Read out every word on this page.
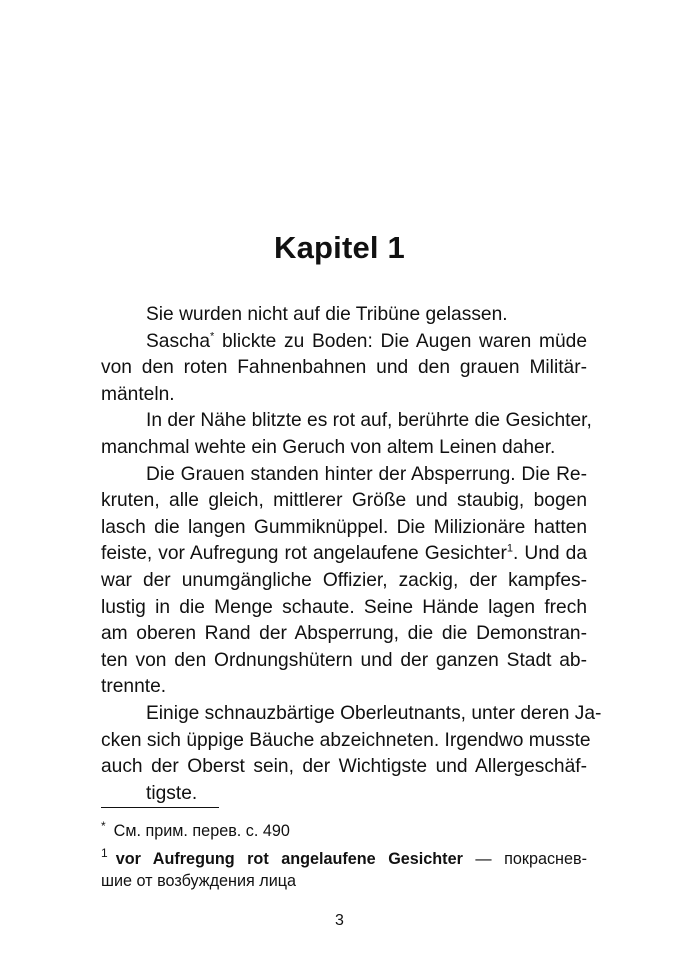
Kapitel 1
Sie wurden nicht auf die Tribüne gelassen.
Sascha* blickte zu Boden: Die Augen waren müde
von den roten Fahnenbahnen und den grauen Militär-
mänteln.
In der Nähe blitzte es rot auf, berührte die Gesichter,
manchmal wehte ein Geruch von altem Leinen daher.
Die Grauen standen hinter der Absperrung. Die Re-
kruten, alle gleich, mittlerer Größe und staubig, bogen
lasch die langen Gummiknüppel. Die Milizionäre hatten
feiste, vor Aufregung rot angelaufene Gesichter$^1$. Und da
war der unumgängliche Offizier, zackig, der kampfes-
lustig in die Menge schaute. Seine Hände lagen frech
am oberen Rand der Absperrung, die die Demonstran-
ten von den Ordnungshütern und der ganzen Stadt ab-
trennte.
Einige schnauzbärtige Oberleutnants, unter deren Ja-
cken sich üppige Bäuche abzeichneten. Irgendwo musste
auch der Oberst sein, der Wichtigste und Allergeschäf-
tigste.
* См. прим. перев. с. 490
$^1$ vor Aufregung rot angelaufene Gesichter — покраснев-
шие от возбуждения лица
3
